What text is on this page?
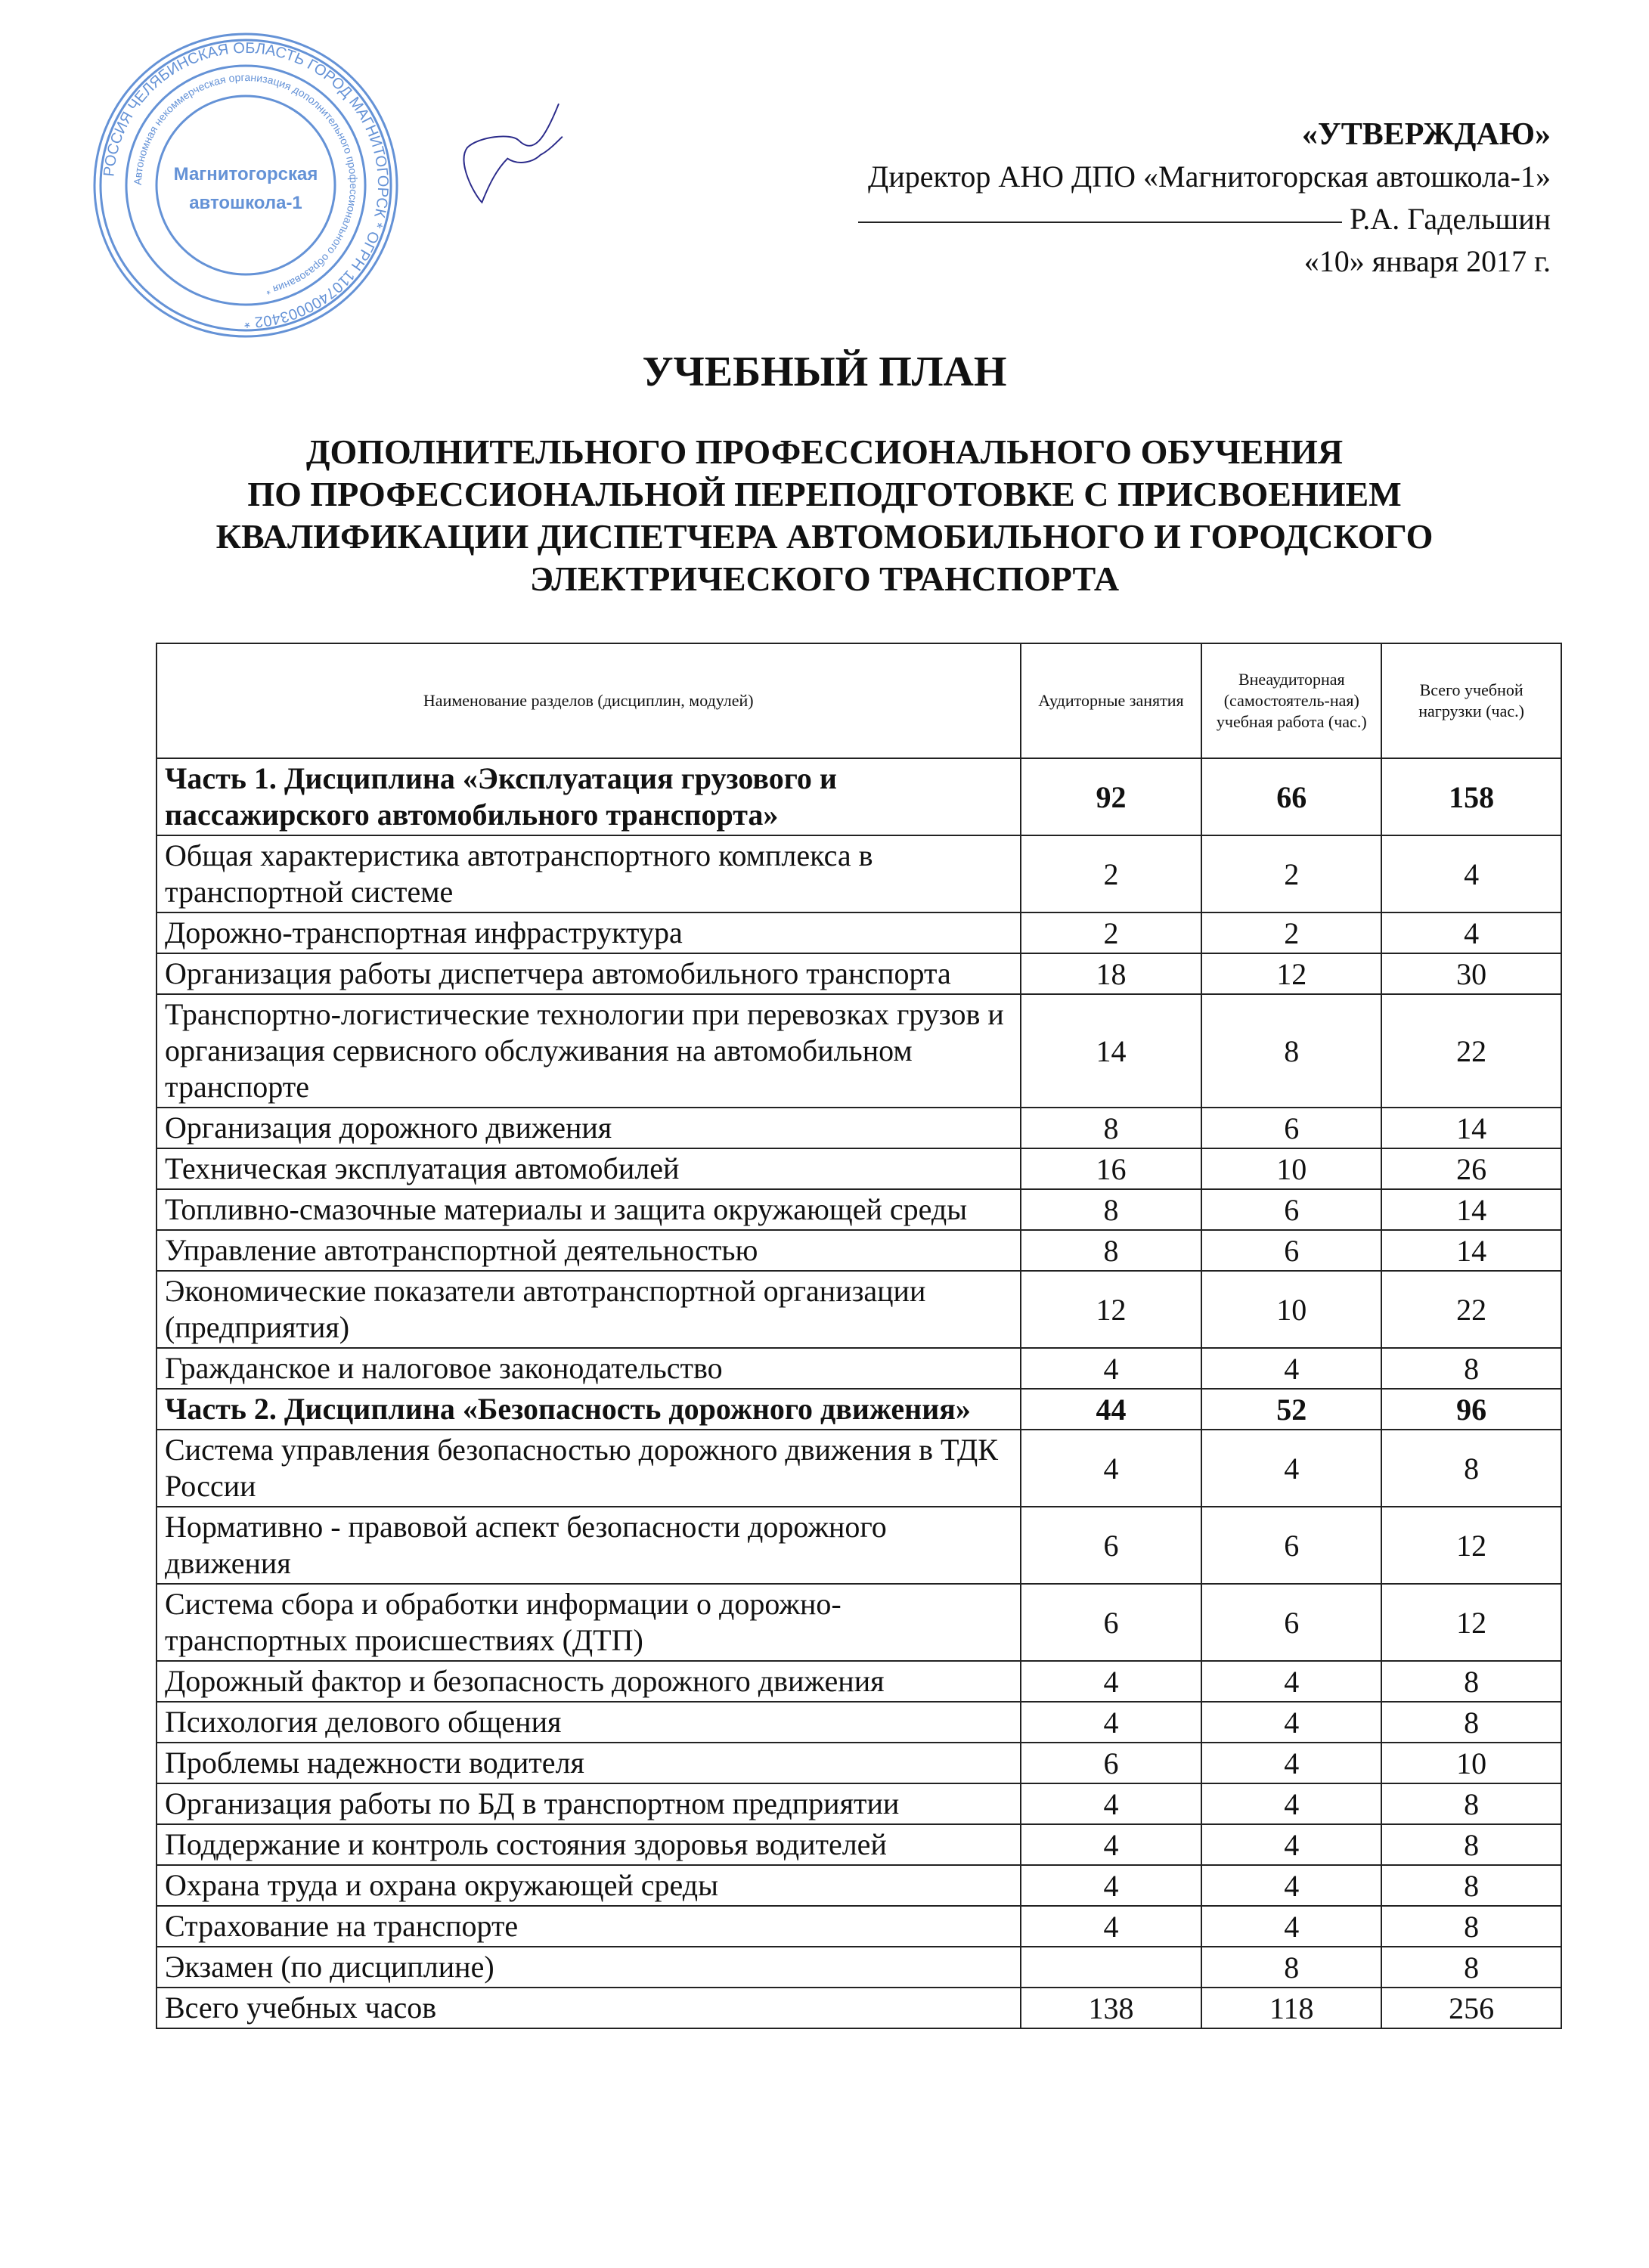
РОССИЯ ЧЕЛЯБИНСКАЯ ОБЛАСТЬ ГОРОД МАГНИТОГОРСК * ОГРН 1107400003402 *
Автономная некоммерческая организация дополнительного профессионального образования *
Магнитогорская
автошкола-1
«УТВЕРЖДАЮ»
Директор АНО ДПО «Магнитогорская автошкола-1»
Р.А. Гадельшин
«10» января 2017 г.
УЧЕБНЫЙ ПЛАН
ДОПОЛНИТЕЛЬНОГО ПРОФЕССИОНАЛЬНОГО ОБУЧЕНИЯ
ПО ПРОФЕССИОНАЛЬНОЙ ПЕРЕПОДГОТОВКЕ С ПРИСВОЕНИЕМ
КВАЛИФИКАЦИИ ДИСПЕТЧЕРА АВТОМОБИЛЬНОГО И ГОРОДСКОГО
ЭЛЕКТРИЧЕСКОГО ТРАНСПОРТА
Наименование разделов (дисциплин, модулей)	Аудиторные занятия	Внеаудиторная (самостоятель-ная) учебная работа (час.)	Всего учебной нагрузки (час.)
Часть 1. Дисциплина «Эксплуатация грузового и пассажирского автомобильного транспорта»	92	66	158
Общая характеристика автотранспортного комплекса в транспортной системе	2	2	4
Дорожно-транспортная инфраструктура	2	2	4
Организация работы диспетчера автомобильного транспорта	18	12	30
Транспортно-логистические технологии при перевозках грузов и организация сервисного обслуживания на автомобильном транспорте	14	8	22
Организация дорожного движения	8	6	14
Техническая эксплуатация автомобилей	16	10	26
Топливно-смазочные материалы и защита окружающей среды	8	6	14
Управление автотранспортной деятельностью	8	6	14
Экономические показатели автотранспортной организации (предприятия)	12	10	22
Гражданское и налоговое законодательство	4	4	8
Часть 2. Дисциплина «Безопасность дорожного движения»	44	52	96
Система управления безопасностью дорожного движения в ТДК России	4	4	8
Нормативно - правовой аспект безопасности дорожного движения	6	6	12
Система сбора и обработки информации о дорожно-транспортных происшествиях (ДТП)	6	6	12
Дорожный фактор и безопасность дорожного движения	4	4	8
Психология делового общения	4	4	8
Проблемы надежности водителя	6	4	10
Организация работы по БД в транспортном предприятии	4	4	8
Поддержание и контроль состояния здоровья водителей	4	4	8
Охрана труда и охрана окружающей среды	4	4	8
Страхование на транспорте	4	4	8
Экзамен (по дисциплине)		8	8
Всего учебных часов	138	118	256
